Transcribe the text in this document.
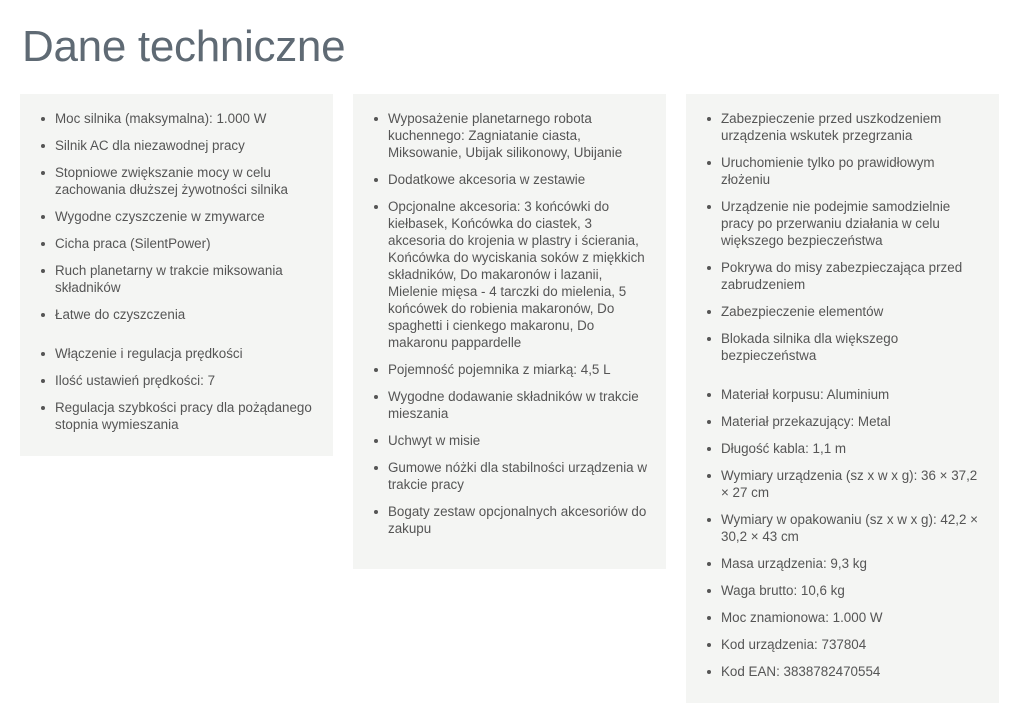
Dane techniczne
Moc silnika (maksymalna): 1.000 W
Silnik AC dla niezawodnej pracy
Stopniowe zwiększanie mocy w celu zachowania dłuższej żywotności silnika
Wygodne czyszczenie w zmywarce
Cicha praca (SilentPower)
Ruch planetarny w trakcie miksowania składników
Łatwe do czyszczenia
Włączenie i regulacja prędkości
Ilość ustawień prędkości: 7
Regulacja szybkości pracy dla pożądanego stopnia wymieszania
Wyposażenie planetarnego robota kuchennego: Zagniatanie ciasta, Miksowanie, Ubijak silikonowy, Ubijanie
Dodatkowe akcesoria w zestawie
Opcjonalne akcesoria: 3 końcówki do kiełbasek, Końcówka do ciastek, 3 akcesoria do krojenia w plastry i ścierania, Końcówka do wyciskania soków z miękkich składników, Do makaronów i lazanii, Mielenie mięsa - 4 tarczki do mielenia, 5 końcówek do robienia makaronów, Do spaghetti i cienkego makaronu, Do makaronu pappardelle
Pojemność pojemnika z miarką: 4,5 L
Wygodne dodawanie składników w trakcie mieszania
Uchwyt w misie
Gumowe nóżki dla stabilności urządzenia w trakcie pracy
Bogaty zestaw opcjonalnych akcesoriów do zakupu
Zabezpieczenie przed uszkodzeniem urządzenia wskutek przegrzania
Uruchomienie tylko po prawidłowym złożeniu
Urządzenie nie podejmie samodzielnie pracy po przerwaniu działania w celu większego bezpieczeństwa
Pokrywa do misy zabezpieczająca przed zabrudzeniem
Zabezpieczenie elementów
Blokada silnika dla większego bezpieczeństwa
Materiał korpusu: Aluminium
Materiał przekazujący: Metal
Długość kabla: 1,1 m
Wymiary urządzenia (sz x w x g): 36 × 37,2 × 27 cm
Wymiary w opakowaniu (sz x w x g): 42,2 × 30,2 × 43 cm
Masa urządzenia: 9,3 kg
Waga brutto: 10,6 kg
Moc znamionowa: 1.000 W
Kod urządzenia: 737804
Kod EAN: 3838782470554
